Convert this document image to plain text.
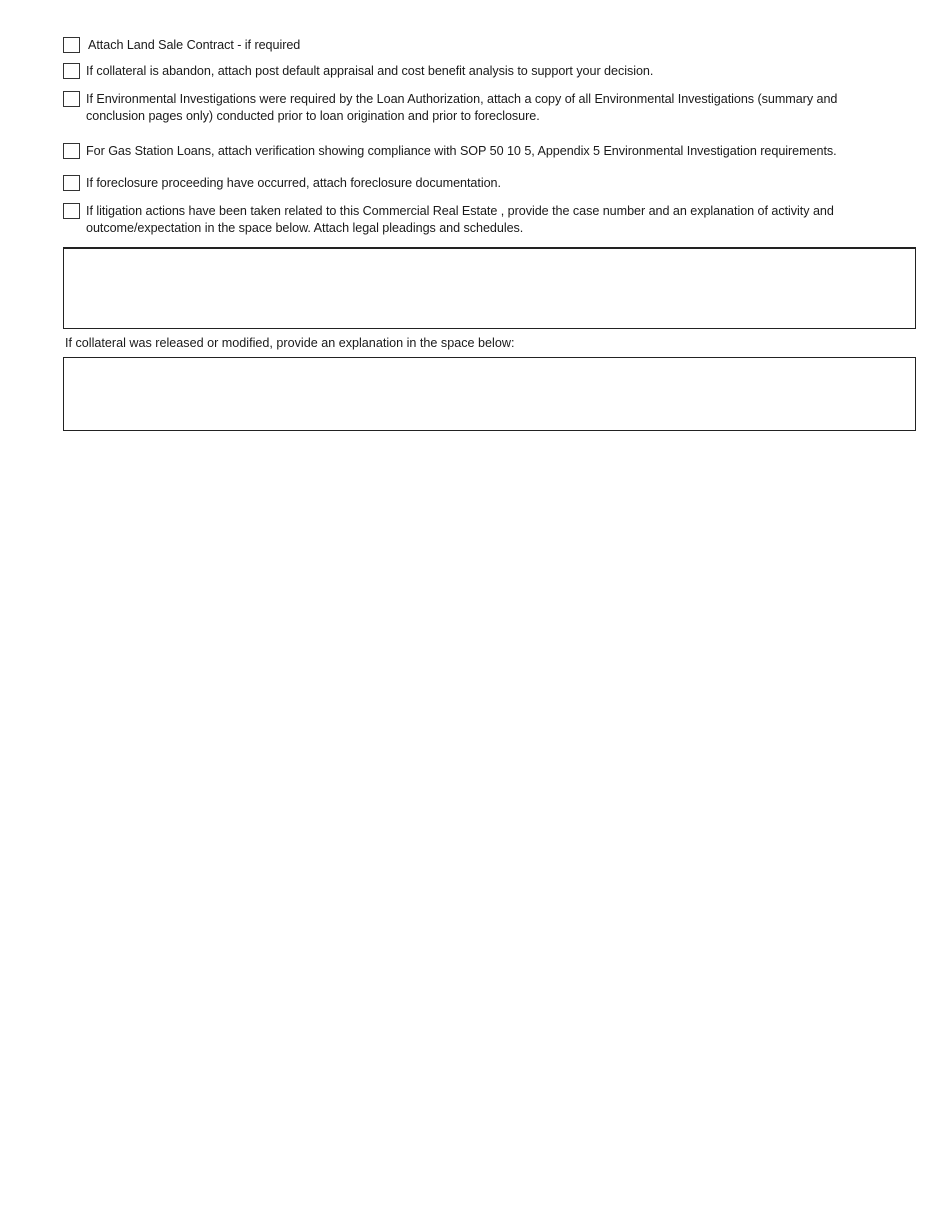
Attach Land Sale Contract - if required
If collateral is abandon, attach post default appraisal and cost benefit analysis to support your decision.
If Environmental Investigations were required by the Loan Authorization, attach a copy of all Environmental Investigations (summary and conclusion pages only) conducted prior to loan origination and prior to foreclosure.
For Gas Station Loans, attach verification showing compliance with SOP 50 10 5, Appendix 5 Environmental Investigation requirements.
If foreclosure proceeding have occurred, attach foreclosure documentation.
If litigation actions have been taken related to this Commercial Real Estate , provide the case number and an explanation of activity and outcome/expectation in the space below. Attach legal pleadings and schedules.
If collateral was released or modified, provide an explanation in the space below:
